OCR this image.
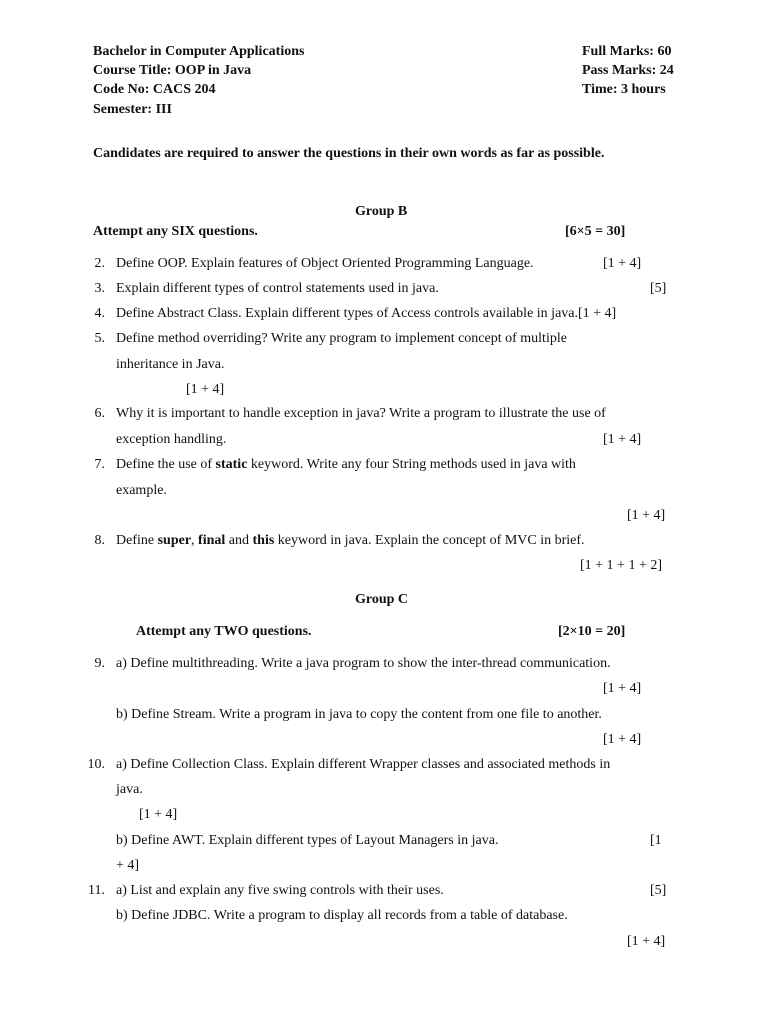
Bachelor in Computer Applications
Course Title: OOP in Java
Code No: CACS 204
Semester: III
Full Marks: 60
Pass Marks: 24
Time: 3 hours
Candidates are required to answer the questions in their own words as far as possible.
Group B
Attempt any SIX questions.	[6×5 = 30]
2. Define OOP. Explain features of Object Oriented Programming Language.	[1 + 4]
3. Explain different types of control statements used in java.	[5]
4. Define Abstract Class. Explain different types of Access controls available in java.[1 + 4]
5. Define method overriding? Write any program to implement concept of multiple
inheritance in Java.
[1 + 4]
6. Why it is important to handle exception in java? Write a program to illustrate the use of
exception handling.	[1 + 4]
7. Define the use of static keyword. Write any four String methods used in java with
example.
[1 + 4]
8. Define super, final and this keyword in java. Explain the concept of MVC in brief.
[1 + 1 + 1 + 2]
Group C
Attempt any TWO questions.	[2×10 = 20]
9. a) Define multithreading. Write a java program to show the inter-thread communication.
[1 + 4]
b) Define Stream. Write a program in java to copy the content from one file to another.
[1 + 4]
10. a) Define Collection Class. Explain different Wrapper classes and associated methods in
java.
[1 + 4]
b) Define AWT. Explain different types of Layout Managers in java.	[1
+ 4]
11. a) List and explain any five swing controls with their uses.	[5]
b) Define JDBC. Write a program to display all records from a table of database.
[1 + 4]
